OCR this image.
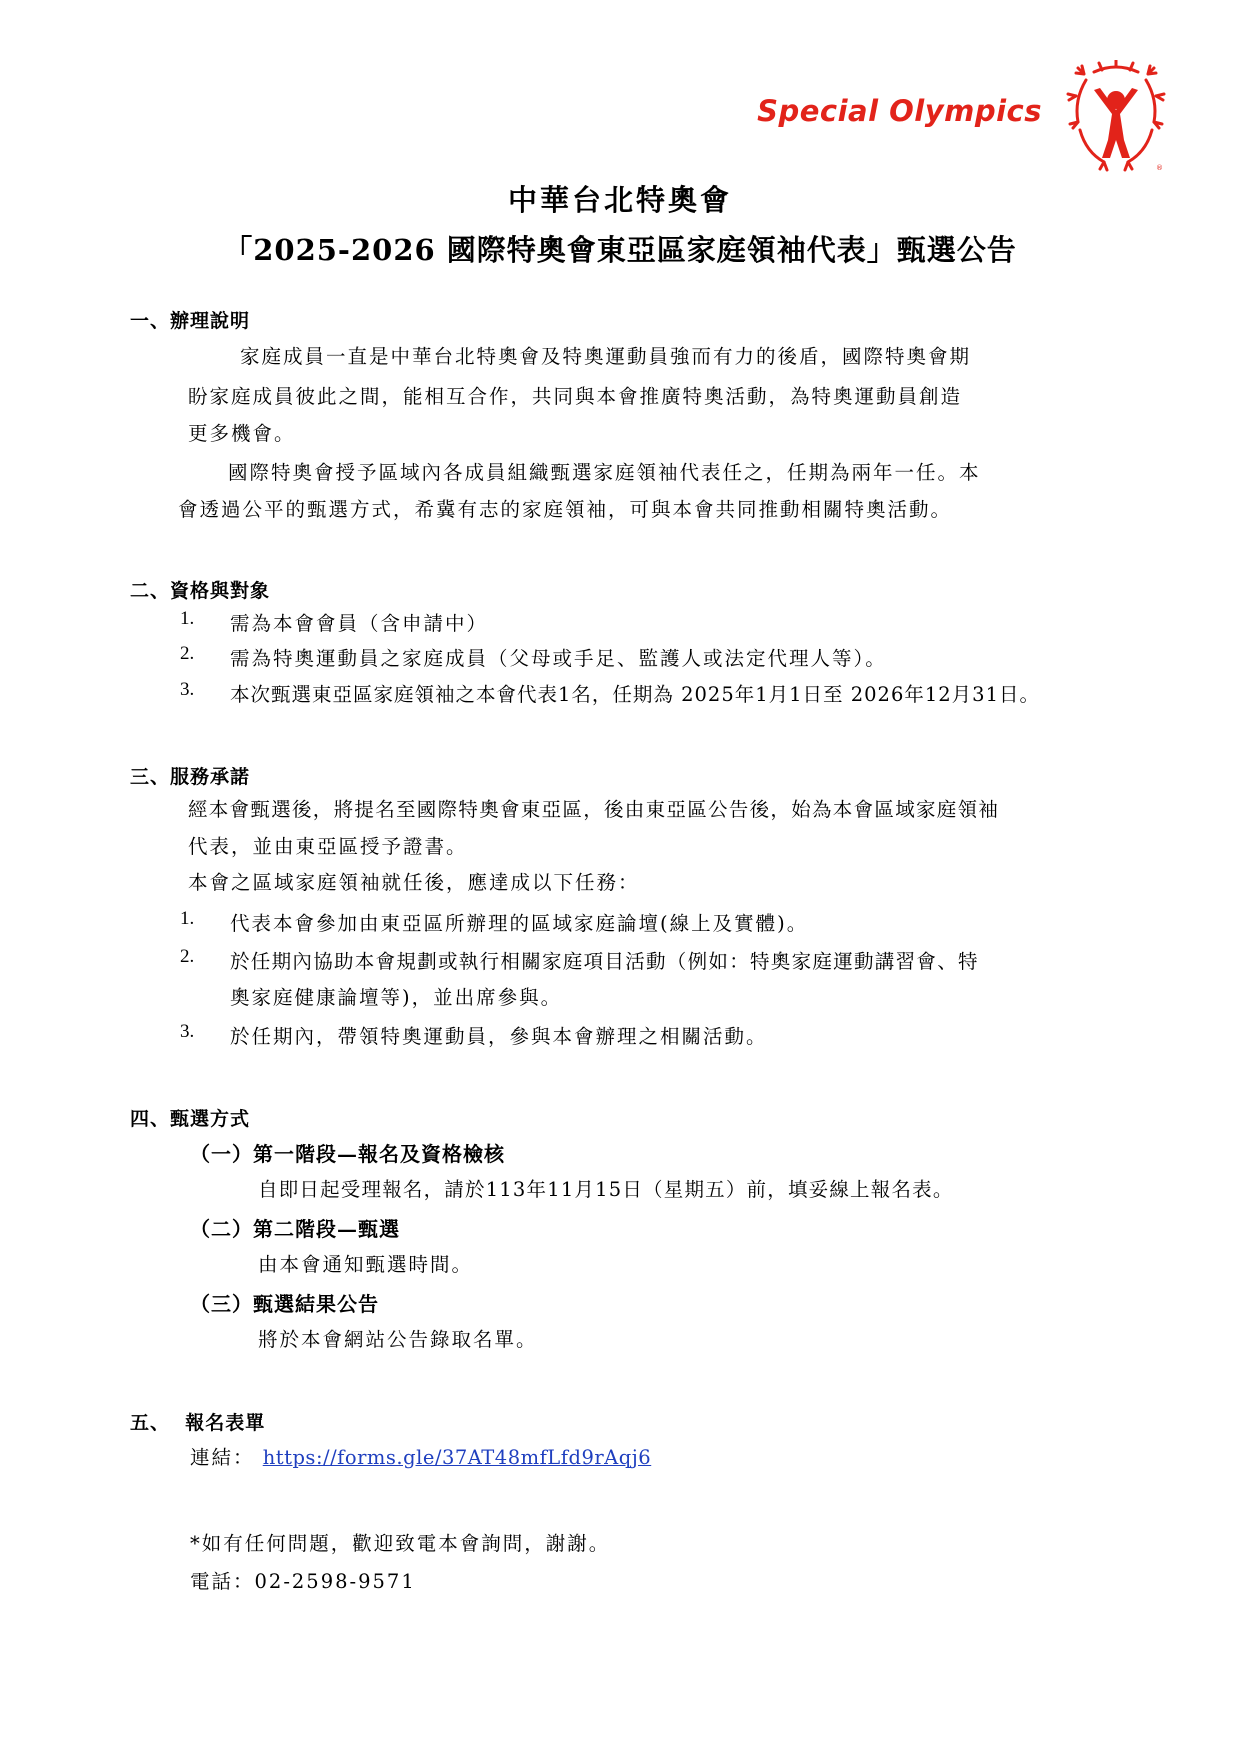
Special Olympics
®
中華台北特奧會
「2025-2026 國際特奧會東亞區家庭領袖代表」甄選公告
一、辦理說明
家庭成員一直是中華台北特奧會及特奧運動員強而有力的後盾，國際特奧會期
盼家庭成員彼此之間，能相互合作，共同與本會推廣特奧活動，為特奧運動員創造
更多機會。
國際特奧會授予區域內各成員組織甄選家庭領袖代表任之，任期為兩年一任。本
會透過公平的甄選方式，希冀有志的家庭領袖，可與本會共同推動相關特奧活動。
二、資格與對象
1. 需為本會會員（含申請中）
2. 需為特奧運動員之家庭成員（父母或手足、監護人或法定代理人等）。
3. 本次甄選東亞區家庭領袖之本會代表1名，任期為 2025年1月1日至 2026年12月31日。
三、服務承諾
經本會甄選後，將提名至國際特奧會東亞區，後由東亞區公告後，始為本會區域家庭領袖
代表，並由東亞區授予證書。
本會之區域家庭領袖就任後，應達成以下任務：
1. 代表本會參加由東亞區所辦理的區域家庭論壇(線上及實體)。
2. 於任期內協助本會規劃或執行相關家庭項目活動（例如：特奧家庭運動講習會、特
奧家庭健康論壇等)，並出席參與。
3. 於任期內，帶領特奧運動員，參與本會辦理之相關活動。
四、甄選方式
（一）第一階段—報名及資格檢核
自即日起受理報名，請於113年11月15日（星期五）前，填妥線上報名表。
（二）第二階段—甄選
由本會通知甄選時間。
（三）甄選結果公告
將於本會網站公告錄取名單。
五、  報名表單
連結： https://forms.gle/37AT48mfLfd9rAqj6
*如有任何問題，歡迎致電本會詢問，謝謝。
電話：02-2598-9571
